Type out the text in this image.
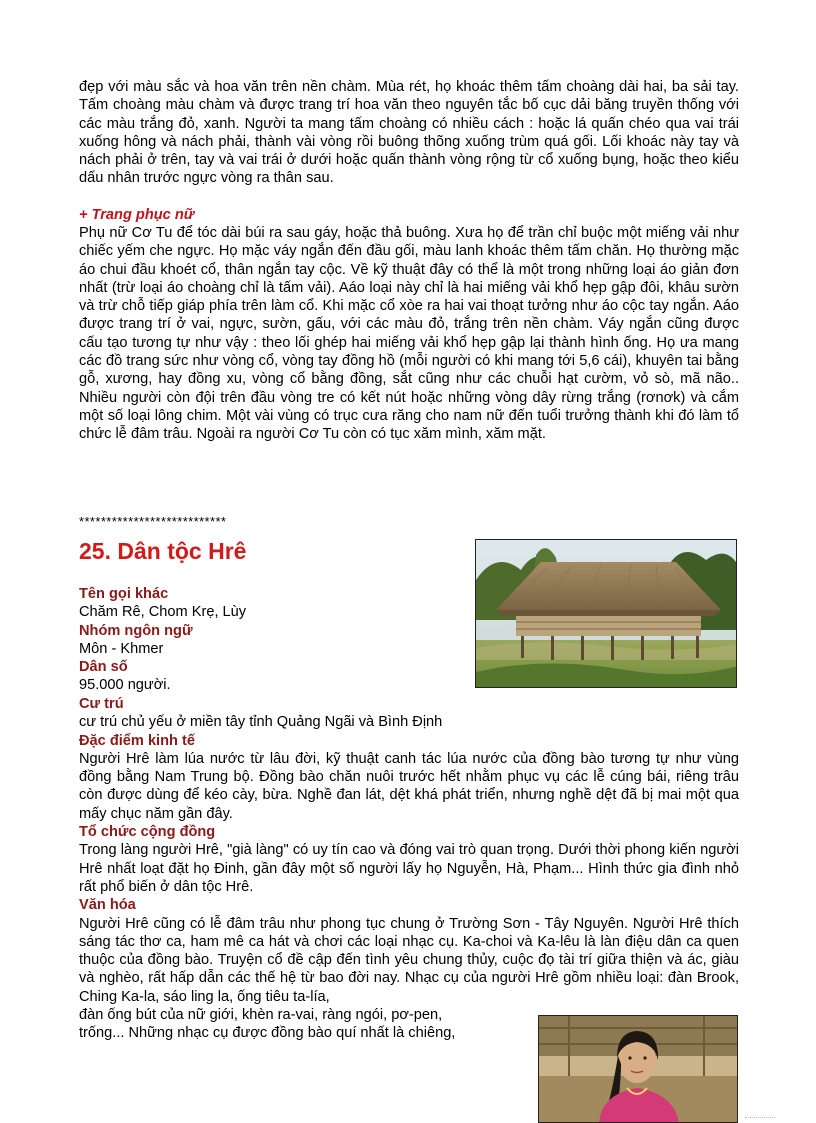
đẹp với màu sắc và hoa văn trên nền chàm. Mùa rét, họ khoác thêm tấm choàng dài hai, ba sải tay. Tấm choàng màu chàm và được trang trí hoa văn theo nguyên tắc bố cục dải băng truyền thống với các màu trắng đỏ, xanh. Người ta mang tấm choàng có nhiều cách : hoặc lá quấn chéo qua vai trái xuống hông và nách phải, thành vài vòng rồi buông thõng xuống trùm quá gối. Lối khoác này tay và nách phải ở trên, tay và vai trái ở dưới hoặc quấn thành vòng rộng từ cổ xuống bụng, hoặc theo kiểu dấu nhân trước ngực vòng ra thân sau.

+ Trang phục nữ

Phụ nữ Cơ Tu để tóc dài búi ra sau gáy, hoặc thả buông. Xưa họ để trần chỉ buộc một miếng vải như chiếc yếm che ngực. Họ mặc váy ngắn đến đầu gối, màu lanh khoác thêm tấm chăn. Họ thường mặc áo chui đầu khoét cổ, thân ngắn tay cộc. Về kỹ thuật đây có thể là một trong những loại áo giản đơn nhất (trừ loại áo choàng chỉ là tấm vải). Aáo loại này chỉ là hai miếng vải khổ hẹp gập đôi, khâu sườn và trừ chỗ tiếp giáp phía trên làm cổ. Khi mặc cổ xòe ra hai vai thoạt tưởng như áo cộc tay ngắn. Aáo được trang trí ở vai, ngực, sườn, gấu, với các màu đỏ, trắng trên nền chàm. Váy ngắn cũng được cấu tạo tương tự như vậy : theo lối ghép hai miếng vải khổ hẹp gập lại thành hình ống. Họ ưa mang các đồ trang sức như vòng cổ, vòng tay đồng hồ (mỗi người có khi mang tới 5,6 cái), khuyên tai bằng gỗ, xương, hay đồng xu, vòng cổ bằng đồng, sắt cũng như các chuỗi hạt cườm, vỏ sò, mã não.. Nhiều người còn đội trên đầu vòng tre có kết nút hoặc những vòng dây rừng trắng (rơnơk) và cắm một số loại lông chim. Một vài vùng có trục cưa răng cho nam nữ đến tuổi trưởng thành khi đó làm tổ chức lễ đâm trâu. Ngoài ra người Cơ Tu còn có tục xăm mình, xăm mặt.

***************************
25. Dân tộc Hrê

Tên gọi khác

Chăm Rê, Chom Krẹ, Lùy

Nhóm ngôn ngữ

Môn - Khmer

Dân số

95.000 người.

Cư trú

cư trú chủ yếu ở miền tây tỉnh Quảng Ngãi và Bình Định

Đặc điểm kinh tế

Người Hrê làm lúa nước từ lâu đời, kỹ thuật canh tác lúa nước của đồng bào tương tự như vùng đồng bằng Nam Trung bộ. Đồng bào chăn nuôi trước hết nhằm phục vụ các lễ cúng bái, riêng trâu còn được dùng để kéo cày, bừa. Nghề đan lát, dệt khá phát triển, nhưng nghề dệt đã bị mai một qua mấy chục năm gần đây.

Tổ chức cộng đồng

Trong làng người Hrê, "già làng" có uy tín cao và đóng vai trò quan trọng. Dưới thời phong kiến người Hrê nhất loạt đặt họ Đinh, gần đây một số người lấy họ Nguyễn, Hà, Phạm... Hình thức gia đình nhỏ rất phổ biến ở dân tộc Hrê.

Văn hóa

Người Hrê cũng có lễ đâm trâu như phong tục chung ở Trường Sơn - Tây Nguyên. Người Hrê thích sáng tác thơ ca, ham mê ca hát và chơi các loại nhạc cụ. Ka-choi và Ka-lêu là làn điệu dân ca quen thuộc của đồng bào. Truyện cổ đề cập đến tình yêu chung thủy, cuộc đọ tài trí giữa thiện và ác, giàu và nghèo, rất hấp dẫn các thế hệ từ bao đời nay. Nhạc cụ của người Hrê gồm nhiều loại: đàn Brook, Ching Ka-la, sáo ling la, ống tiêu ta-lía,

đàn ống bút của nữ giới, khèn ra-vai, ràng ngói, pơ-pen,

trống... Những nhạc cụ được đồng bào quí nhất là chiêng,
